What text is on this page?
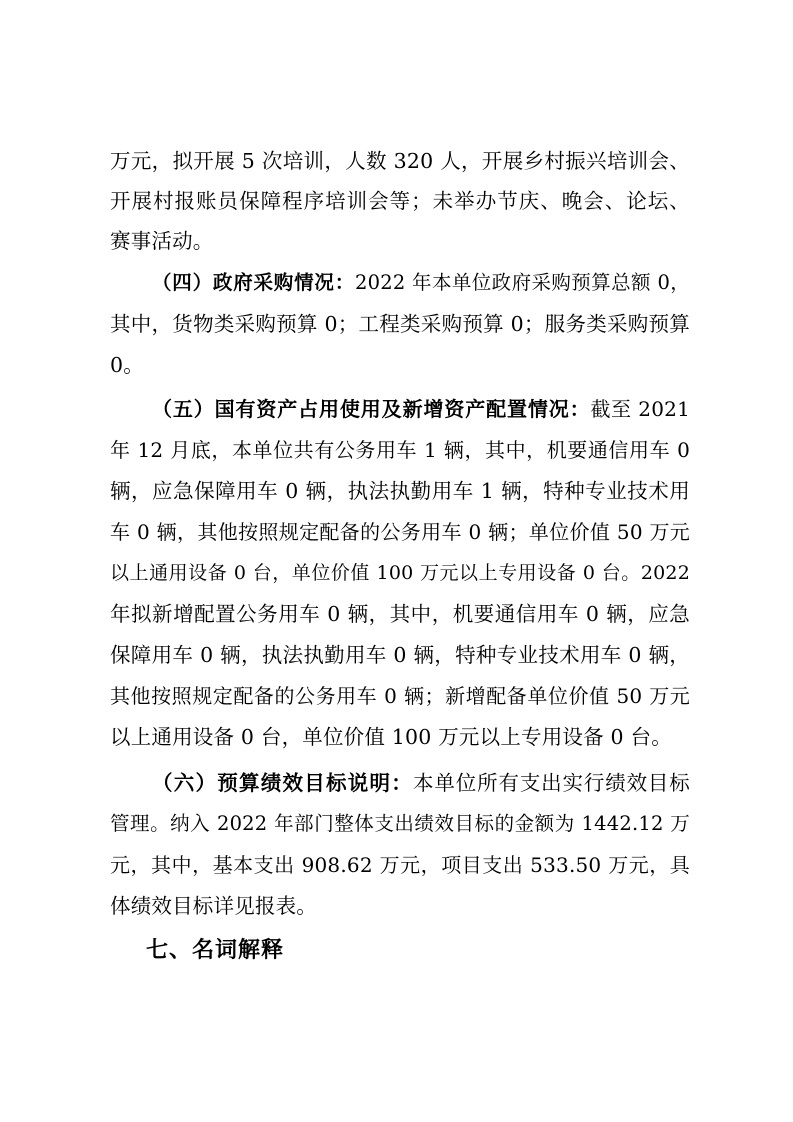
万元，拟开展 5 次培训，人数 320 人，开展乡村振兴培训会、
开展村报账员保障程序培训会等；未举办节庆、晚会、论坛、
赛事活动。
（四）政府采购情况：2022 年本单位政府采购预算总额 0，
其中，货物类采购预算 0；工程类采购预算 0；服务类采购预算
0。
（五）国有资产占用使用及新增资产配置情况：截至 2021
年 12 月底，本单位共有公务用车 1 辆，其中，机要通信用车 0
辆，应急保障用车 0 辆，执法执勤用车 1 辆，特种专业技术用
车 0 辆，其他按照规定配备的公务用车 0 辆；单位价值 50 万元
以上通用设备 0 台，单位价值 100 万元以上专用设备 0 台。2022
年拟新增配置公务用车 0 辆，其中，机要通信用车 0 辆，应急
保障用车 0 辆，执法执勤用车 0 辆，特种专业技术用车 0 辆，
其他按照规定配备的公务用车 0 辆；新增配备单位价值 50 万元
以上通用设备 0 台，单位价值 100 万元以上专用设备 0 台。
（六）预算绩效目标说明：本单位所有支出实行绩效目标
管理。纳入 2022 年部门整体支出绩效目标的金额为 1442.12 万
元，其中，基本支出 908.62 万元，项目支出 533.50 万元，具
体绩效目标详见报表。
七、名词解释
